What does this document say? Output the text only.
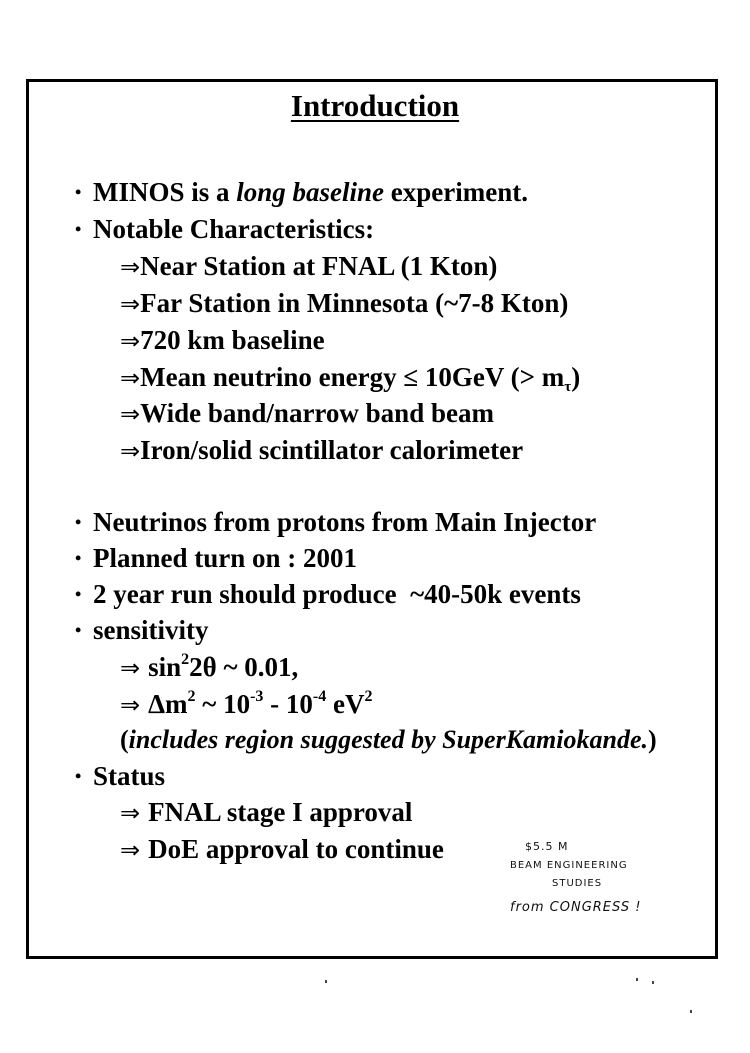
Introduction
• MINOS is a long baseline experiment.
• Notable Characteristics:
⇒Near Station at FNAL (1 Kton)
⇒Far Station in Minnesota (~7-8 Kton)
⇒720 km baseline
⇒Mean neutrino energy ≤ 10GeV (> $m_\tau$)
⇒Wide band/narrow band beam
⇒Iron/solid scintillator calorimeter
• Neutrinos from protons from Main Injector
• Planned turn on : 2001
• 2 year run should produce  ~40-50k events
• sensitivity
⇒ $\sin^22\theta$ ~ 0.01,
⇒ $\Delta m^2$ ~ $10^{-3} - 10^{-4}$ $eV^2$
(includes region suggested by SuperKamiokande.)
• Status
⇒ FNAL stage I approval
⇒ DoE approval to continue	$5.5 M
BEAM ENGINEERING
STUDIES
from CONGRESS !
